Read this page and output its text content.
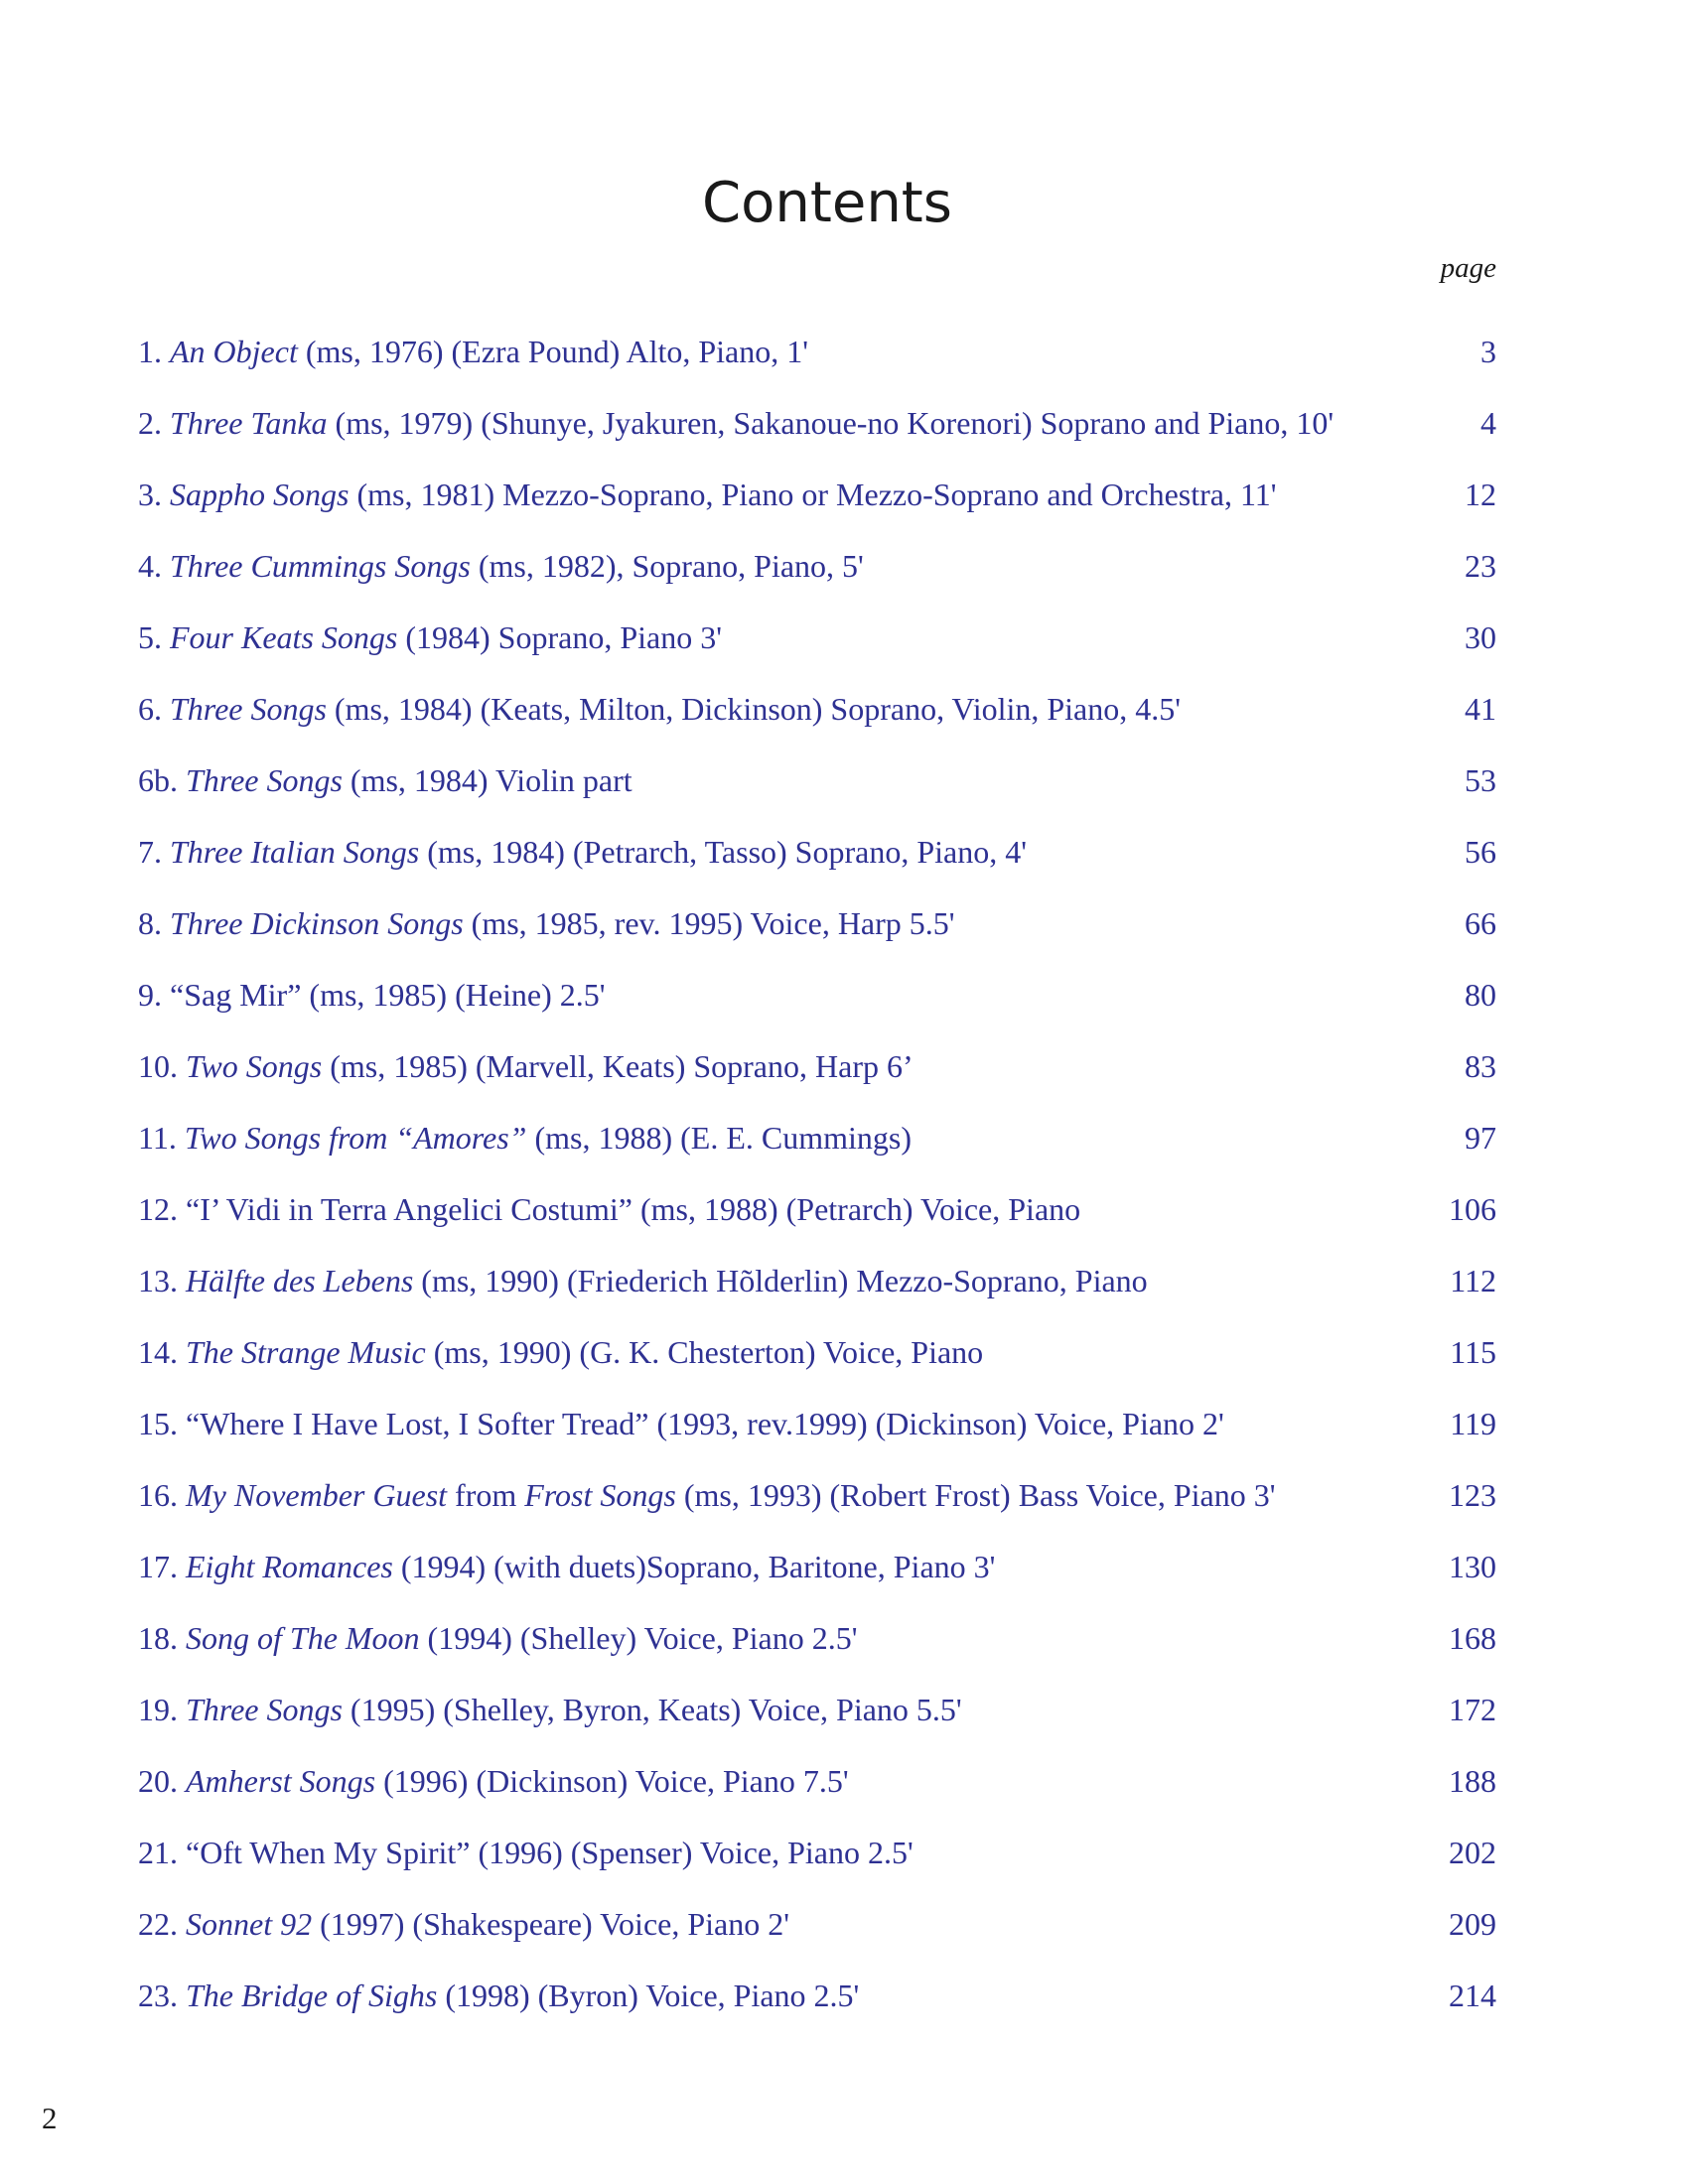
Contents
page
1. An Object (ms, 1976) (Ezra Pound) Alto, Piano, 1'	3
2. Three Tanka (ms, 1979) (Shunye, Jyakuren, Sakanoue-no Korenori) Soprano and Piano, 10'	4
3. Sappho Songs (ms, 1981) Mezzo-Soprano, Piano or Mezzo-Soprano and Orchestra, 11'	12
4. Three Cummings Songs (ms, 1982), Soprano, Piano, 5'	23
5. Four Keats Songs (1984) Soprano, Piano 3'	30
6. Three Songs (ms, 1984) (Keats, Milton, Dickinson) Soprano, Violin, Piano, 4.5'	41
6b. Three Songs (ms, 1984) Violin part	53
7. Three Italian Songs (ms, 1984) (Petrarch, Tasso) Soprano, Piano, 4'	56
8. Three Dickinson Songs (ms, 1985, rev. 1995) Voice, Harp 5.5'	66
9. “Sag Mir” (ms, 1985) (Heine) 2.5'	80
10. Two Songs (ms, 1985) (Marvell, Keats) Soprano, Harp 6’	83
11. Two Songs from “Amores” (ms, 1988) (E. E. Cummings)	97
12. “I’ Vidi in Terra Angelici Costumi” (ms, 1988) (Petrarch) Voice, Piano	106
13. Hälfte des Lebens (ms, 1990) (Friederich Hõlderlin) Mezzo-Soprano, Piano	112
14. The Strange Music (ms, 1990) (G. K. Chesterton) Voice, Piano	115
15. “Where I Have Lost, I Softer Tread” (1993, rev.1999) (Dickinson) Voice, Piano 2'	119
16. My November Guest from Frost Songs (ms, 1993) (Robert Frost) Bass Voice, Piano 3'	123
17. Eight Romances (1994) (with duets)Soprano, Baritone, Piano 3'	130
18. Song of The Moon (1994) (Shelley) Voice, Piano 2.5'	168
19. Three Songs (1995) (Shelley, Byron, Keats) Voice, Piano 5.5'	172
20. Amherst Songs (1996) (Dickinson) Voice, Piano 7.5'	188
21. “Oft When My Spirit” (1996) (Spenser) Voice, Piano 2.5'	202
22. Sonnet 92 (1997) (Shakespeare) Voice, Piano 2'	209
23. The Bridge of Sighs (1998) (Byron) Voice, Piano 2.5'	214
2
